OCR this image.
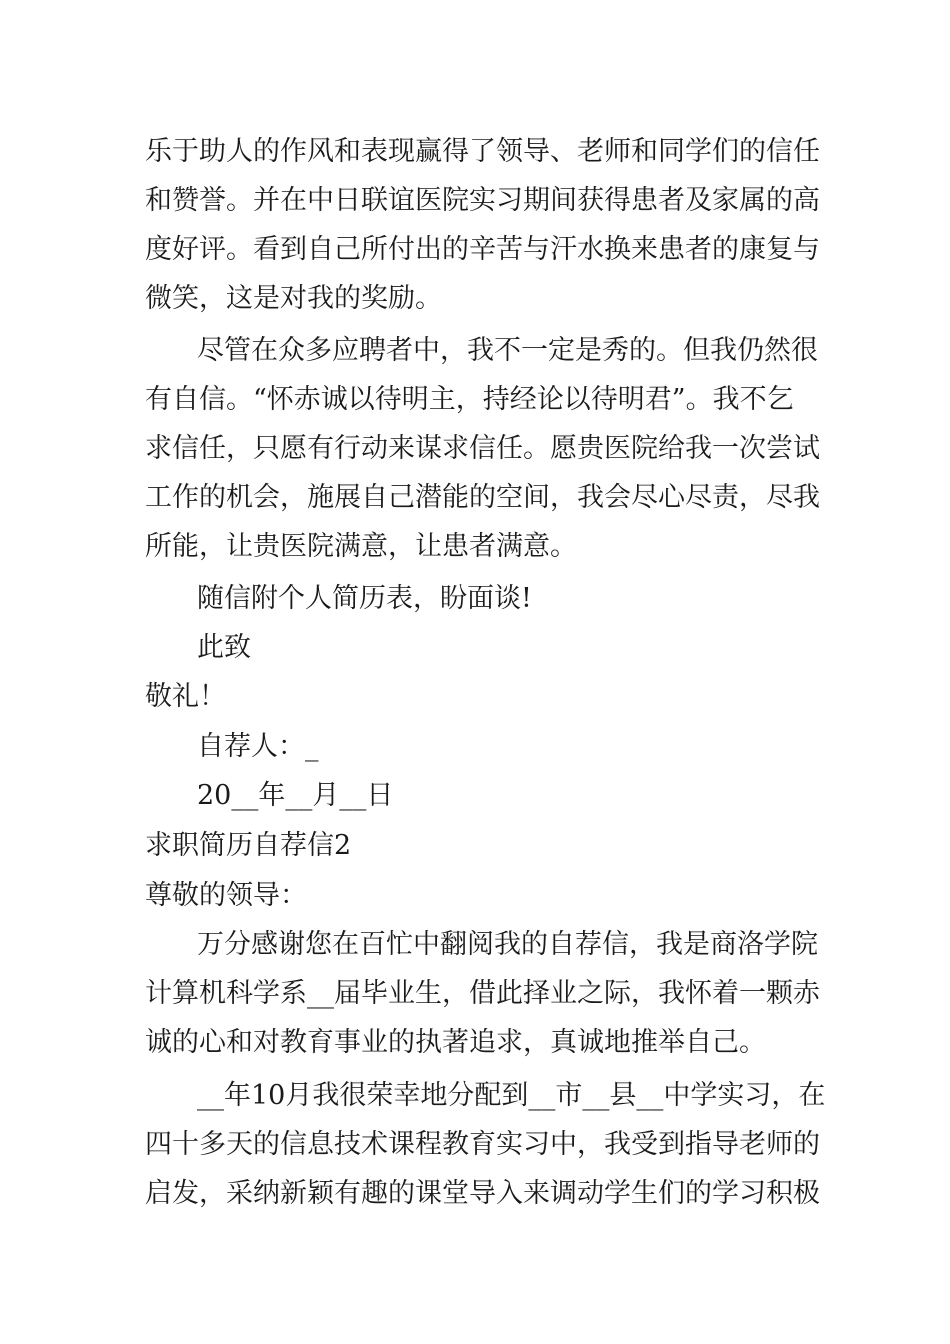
乐于助人的作风和表现赢得了领导、老师和同学们的信任
和赞誉。并在中日联谊医院实习期间获得患者及家属的高
度好评。看到自己所付出的辛苦与汗水换来患者的康复与
微笑，这是对我的奖励。
尽管在众多应聘者中，我不一定是秀的。但我仍然很
有自信。“怀赤诚以待明主，持经论以待明君”。我不乞
求信任，只愿有行动来谋求信任。愿贵医院给我一次尝试
工作的机会，施展自己潜能的空间，我会尽心尽责，尽我
所能，让贵医院满意，让患者满意。
随信附个人简历表，盼面谈!
此致
敬礼！
自荐人：_
20__年__月__日
求职简历自荐信2
尊敬的领导：
万分感谢您在百忙中翻阅我的自荐信，我是商洛学院
计算机科学系__届毕业生，借此择业之际，我怀着一颗赤
诚的心和对教育事业的执著追求，真诚地推举自己。
__年10月我很荣幸地分配到__市__县__中学实习，在
四十多天的信息技术课程教育实习中，我受到指导老师的
启发，采纳新颖有趣的课堂导入来调动学生们的学习积极
